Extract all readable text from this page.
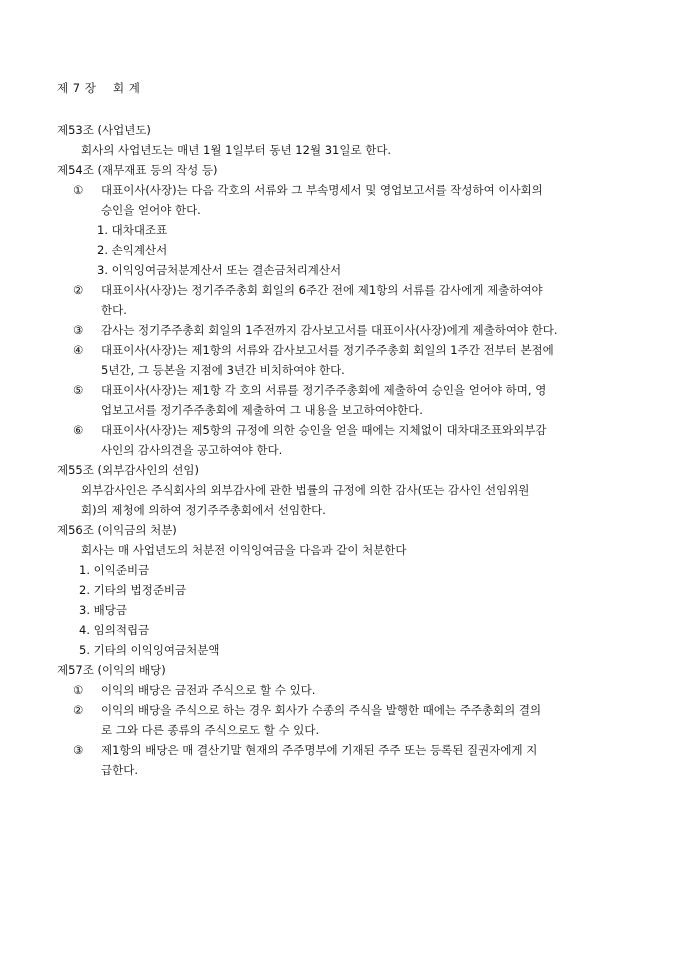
제 7 장    회 계
제53조 (사업년도)
회사의 사업년도는 매년 1월 1일부터 동년 12월 31일로 한다.
제54조 (재무재표 등의 작성 등)
①	대표이사(사장)는 다음 각호의 서류와 그 부속명세서 및 영업보고서를 작성하여 이사회의
승인을 얻어야 한다.
1. 대차대조표
2. 손익계산서
3. 이익잉여금처분계산서 또는 결손금처리계산서
②	대표이사(사장)는 정기주주총회 회일의 6주간 전에 제1항의 서류를 감사에게 제출하여야
한다.
③	감사는 정기주주총회 회일의 1주전까지 감사보고서를 대표이사(사장)에게 제출하여야 한다.
④	대표이사(사장)는 제1항의 서류와 감사보고서를 정기주주총회 회일의 1주간 전부터 본점에
5년간, 그 등본을 지점에 3년간 비치하여야 한다.
⑤	대표이사(사장)는 제1항 각 호의 서류를 정기주주총회에 제출하여 승인을 얻어야 하며, 영
업보고서를 정기주주총회에 제출하여 그 내용을 보고하여야한다.
⑥	대표이사(사장)는 제5항의 규정에 의한 승인을 얻을 때에는 지체없이 대차대조표와외부감
사인의 감사의견을 공고하여야 한다.
제55조 (외부감사인의 선임)
외부감사인은 주식회사의 외부감사에 관한 법률의 규정에 의한 감사(또는 감사인 선임위원
회)의 제청에 의하여 정기주주총회에서 선임한다.
제56조 (이익금의 처분)
회사는 매 사업년도의 처분전 이익잉여금을 다음과 같이 처분한다
1. 이익준비금
2. 기타의 법정준비금
3. 배당금
4. 임의적립금
5. 기타의 이익잉여금처분액
제57조 (이익의 배당)
①	이익의 배당은 금전과 주식으로 할 수 있다.
②	이익의 배당을 주식으로 하는 경우 회사가 수종의 주식을 발행한 때에는 주주총회의 결의
로 그와 다른 종류의 주식으로도 할 수 있다.
③	제1항의 배당은 매 결산기말 현재의 주주명부에 기재된 주주 또는 등록된 질권자에게 지
급한다.
